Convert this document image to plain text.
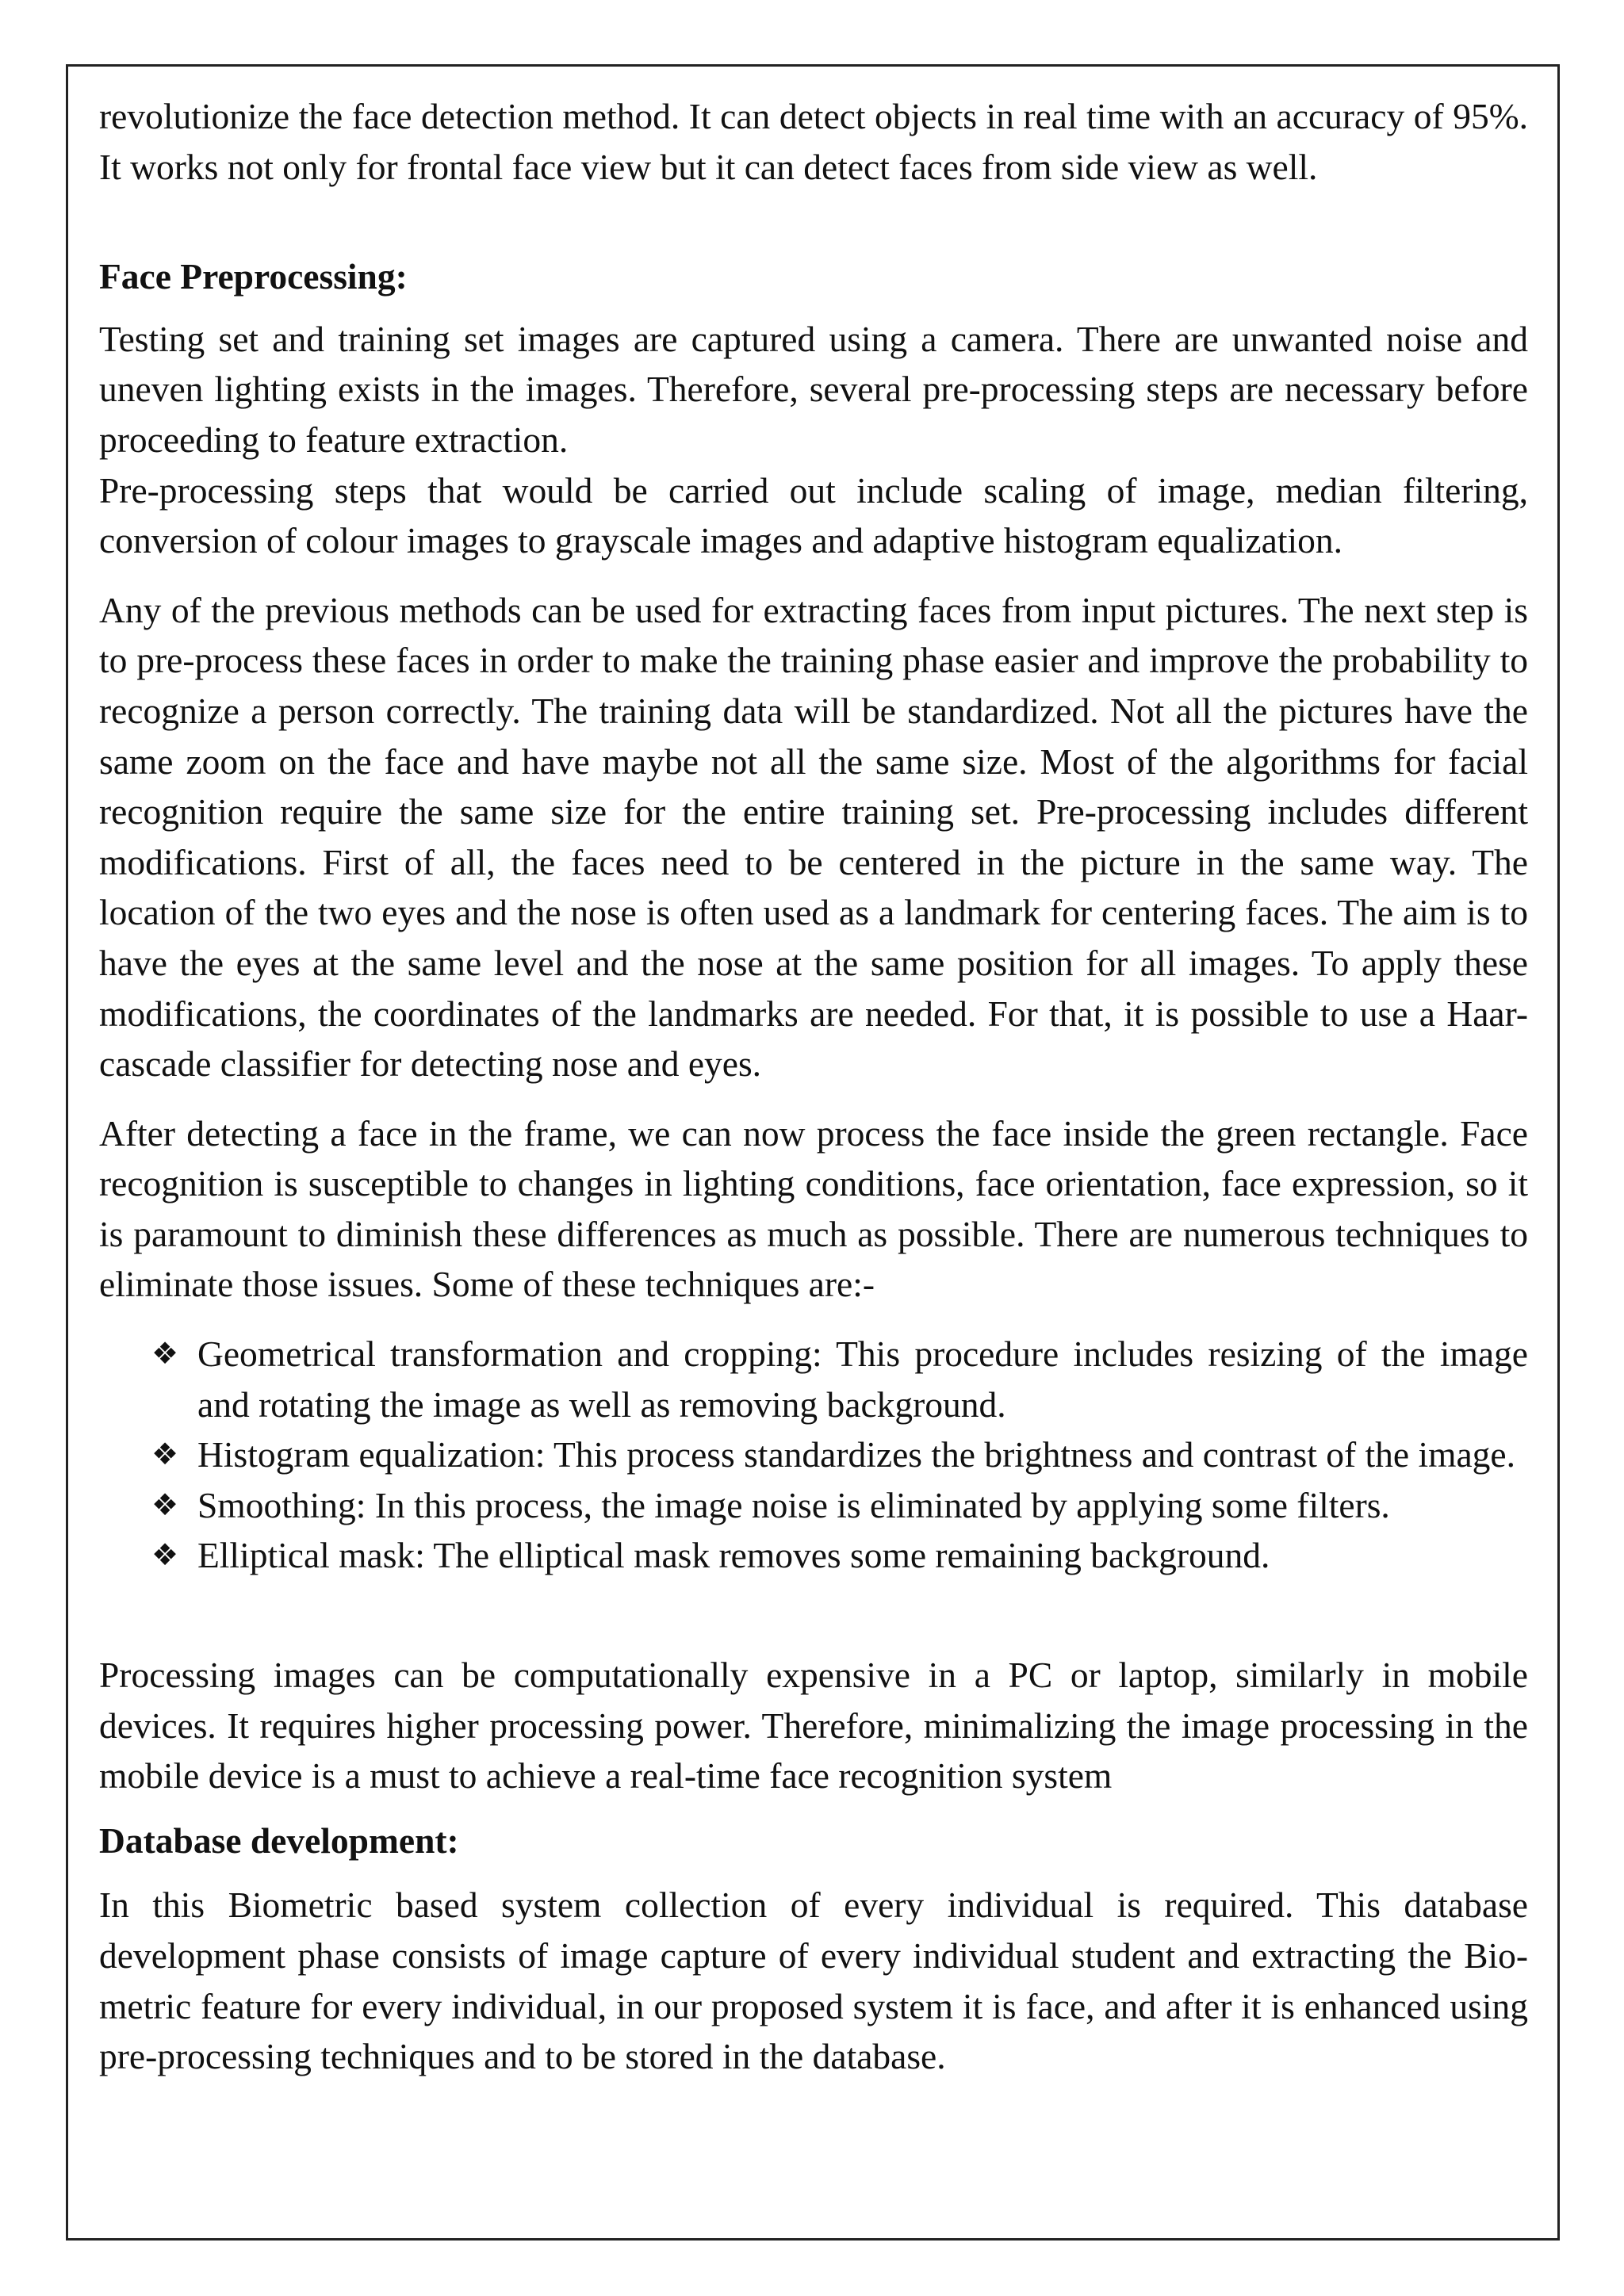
revolutionize the face detection method. It can detect objects in real time with an accuracy of 95%. It works not only for frontal face view but it can detect faces from side view as well.

Face Preprocessing:

Testing set and training set images are captured using a camera. There are unwanted noise and uneven lighting exists in the images. Therefore, several pre-processing steps are necessary before proceeding to feature extraction.

Pre-processing steps that would be carried out include scaling of image, median filtering, conversion of colour images to grayscale images and adaptive histogram equalization.

Any of the previous methods can be used for extracting faces from input pictures. The next step is to pre-process these faces in order to make the training phase easier and improve the probability to recognize a person correctly. The training data will be standardized. Not all the pictures have the same zoom on the face and have maybe not all the same size. Most of the algorithms for facial recognition require the same size for the entire training set. Pre-processing includes different modifications. First of all, the faces need to be centered in the picture in the same way. The location of the two eyes and the nose is often used as a landmark for centering faces. The aim is to have the eyes at the same level and the nose at the same position for all images. To apply these modifications, the coordinates of the landmarks are needed. For that, it is possible to use a Haar-cascade classifier for detecting nose and eyes.

After detecting a face in the frame, we can now process the face inside the green rectangle. Face recognition is susceptible to changes in lighting conditions, face orientation, face expression, so it is paramount to diminish these differences as much as possible. There are numerous techniques to eliminate those issues. Some of these techniques are:-

❖ Geometrical transformation and cropping: This procedure includes resizing of the image and rotating the image as well as removing background.
❖ Histogram equalization: This process standardizes the brightness and contrast of the image.
❖ Smoothing: In this process, the image noise is eliminated by applying some filters.
❖ Elliptical mask: The elliptical mask removes some remaining background.

Processing images can be computationally expensive in a PC or laptop, similarly in mobile devices. It requires higher processing power. Therefore, minimalizing the image processing in the mobile device is a must to achieve a real-time face recognition system

Database development:

In this Biometric based system collection of every individual is required. This database development phase consists of image capture of every individual student and extracting the Bio-metric feature for every individual, in our proposed system it is face, and after it is enhanced using pre-processing techniques and to be stored in the database.
